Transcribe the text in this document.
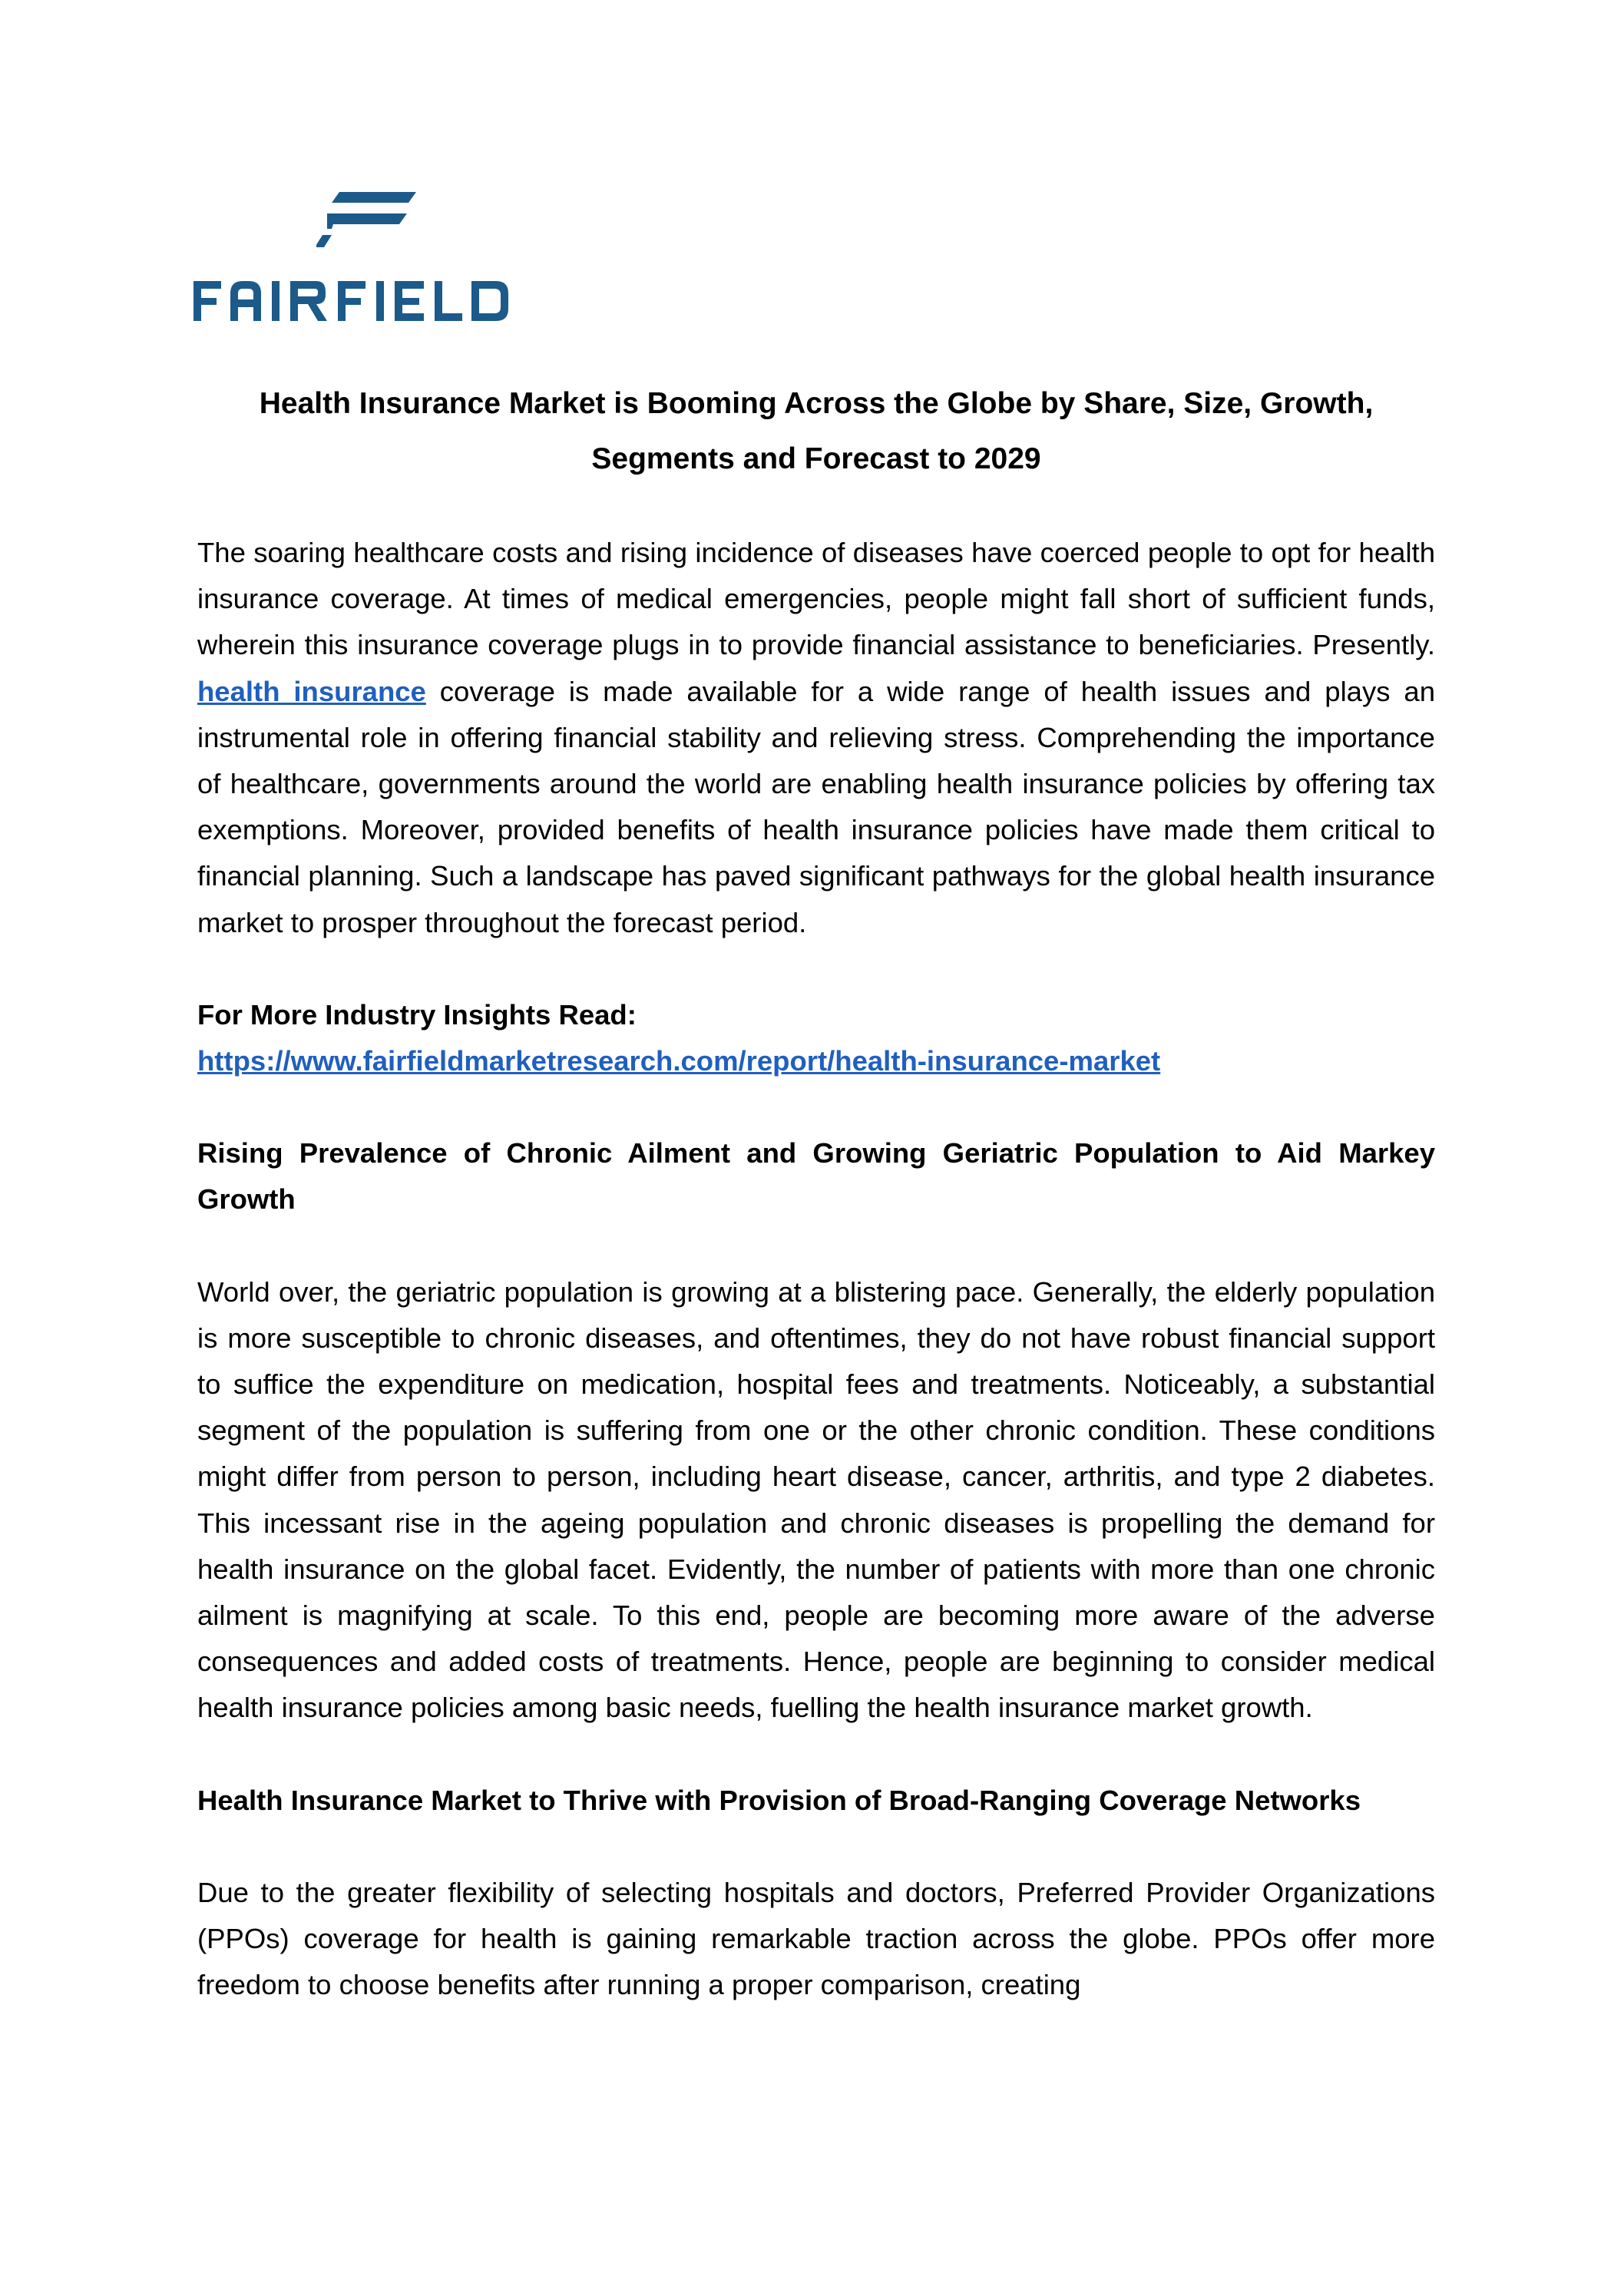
Health Insurance Market is Booming Across the Globe by Share, Size, Growth, Segments and Forecast to 2029

The soaring healthcare costs and rising incidence of diseases have coerced people to opt for health insurance coverage. At times of medical emergencies, people might fall short of sufficient funds, wherein this insurance coverage plugs in to provide financial assistance to beneficiaries. Presently. health insurance coverage is made available for a wide range of health issues and plays an instrumental role in offering financial stability and relieving stress. Comprehending the importance of healthcare, governments around the world are enabling health insurance policies by offering tax exemptions. Moreover, provided benefits of health insurance policies have made them critical to financial planning. Such a landscape has paved significant pathways for the global health insurance market to prosper throughout the forecast period.

For More Industry Insights Read:
https://www.fairfieldmarketresearch.com/report/health-insurance-market

Rising Prevalence of Chronic Ailment and Growing Geriatric Population to Aid Markey Growth

World over, the geriatric population is growing at a blistering pace. Generally, the elderly population is more susceptible to chronic diseases, and oftentimes, they do not have robust financial support to suffice the expenditure on medication, hospital fees and treatments. Noticeably, a substantial segment of the population is suffering from one or the other chronic condition. These conditions might differ from person to person, including heart disease, cancer, arthritis, and type 2 diabetes. This incessant rise in the ageing population and chronic diseases is propelling the demand for health insurance on the global facet. Evidently, the number of patients with more than one chronic ailment is magnifying at scale. To this end, people are becoming more aware of the adverse consequences and added costs of treatments. Hence, people are beginning to consider medical health insurance policies among basic needs, fuelling the health insurance market growth.

Health Insurance Market to Thrive with Provision of Broad-Ranging Coverage Networks

Due to the greater flexibility of selecting hospitals and doctors, Preferred Provider Organizations (PPOs) coverage for health is gaining remarkable traction across the globe. PPOs offer more freedom to choose benefits after running a proper comparison, creating
